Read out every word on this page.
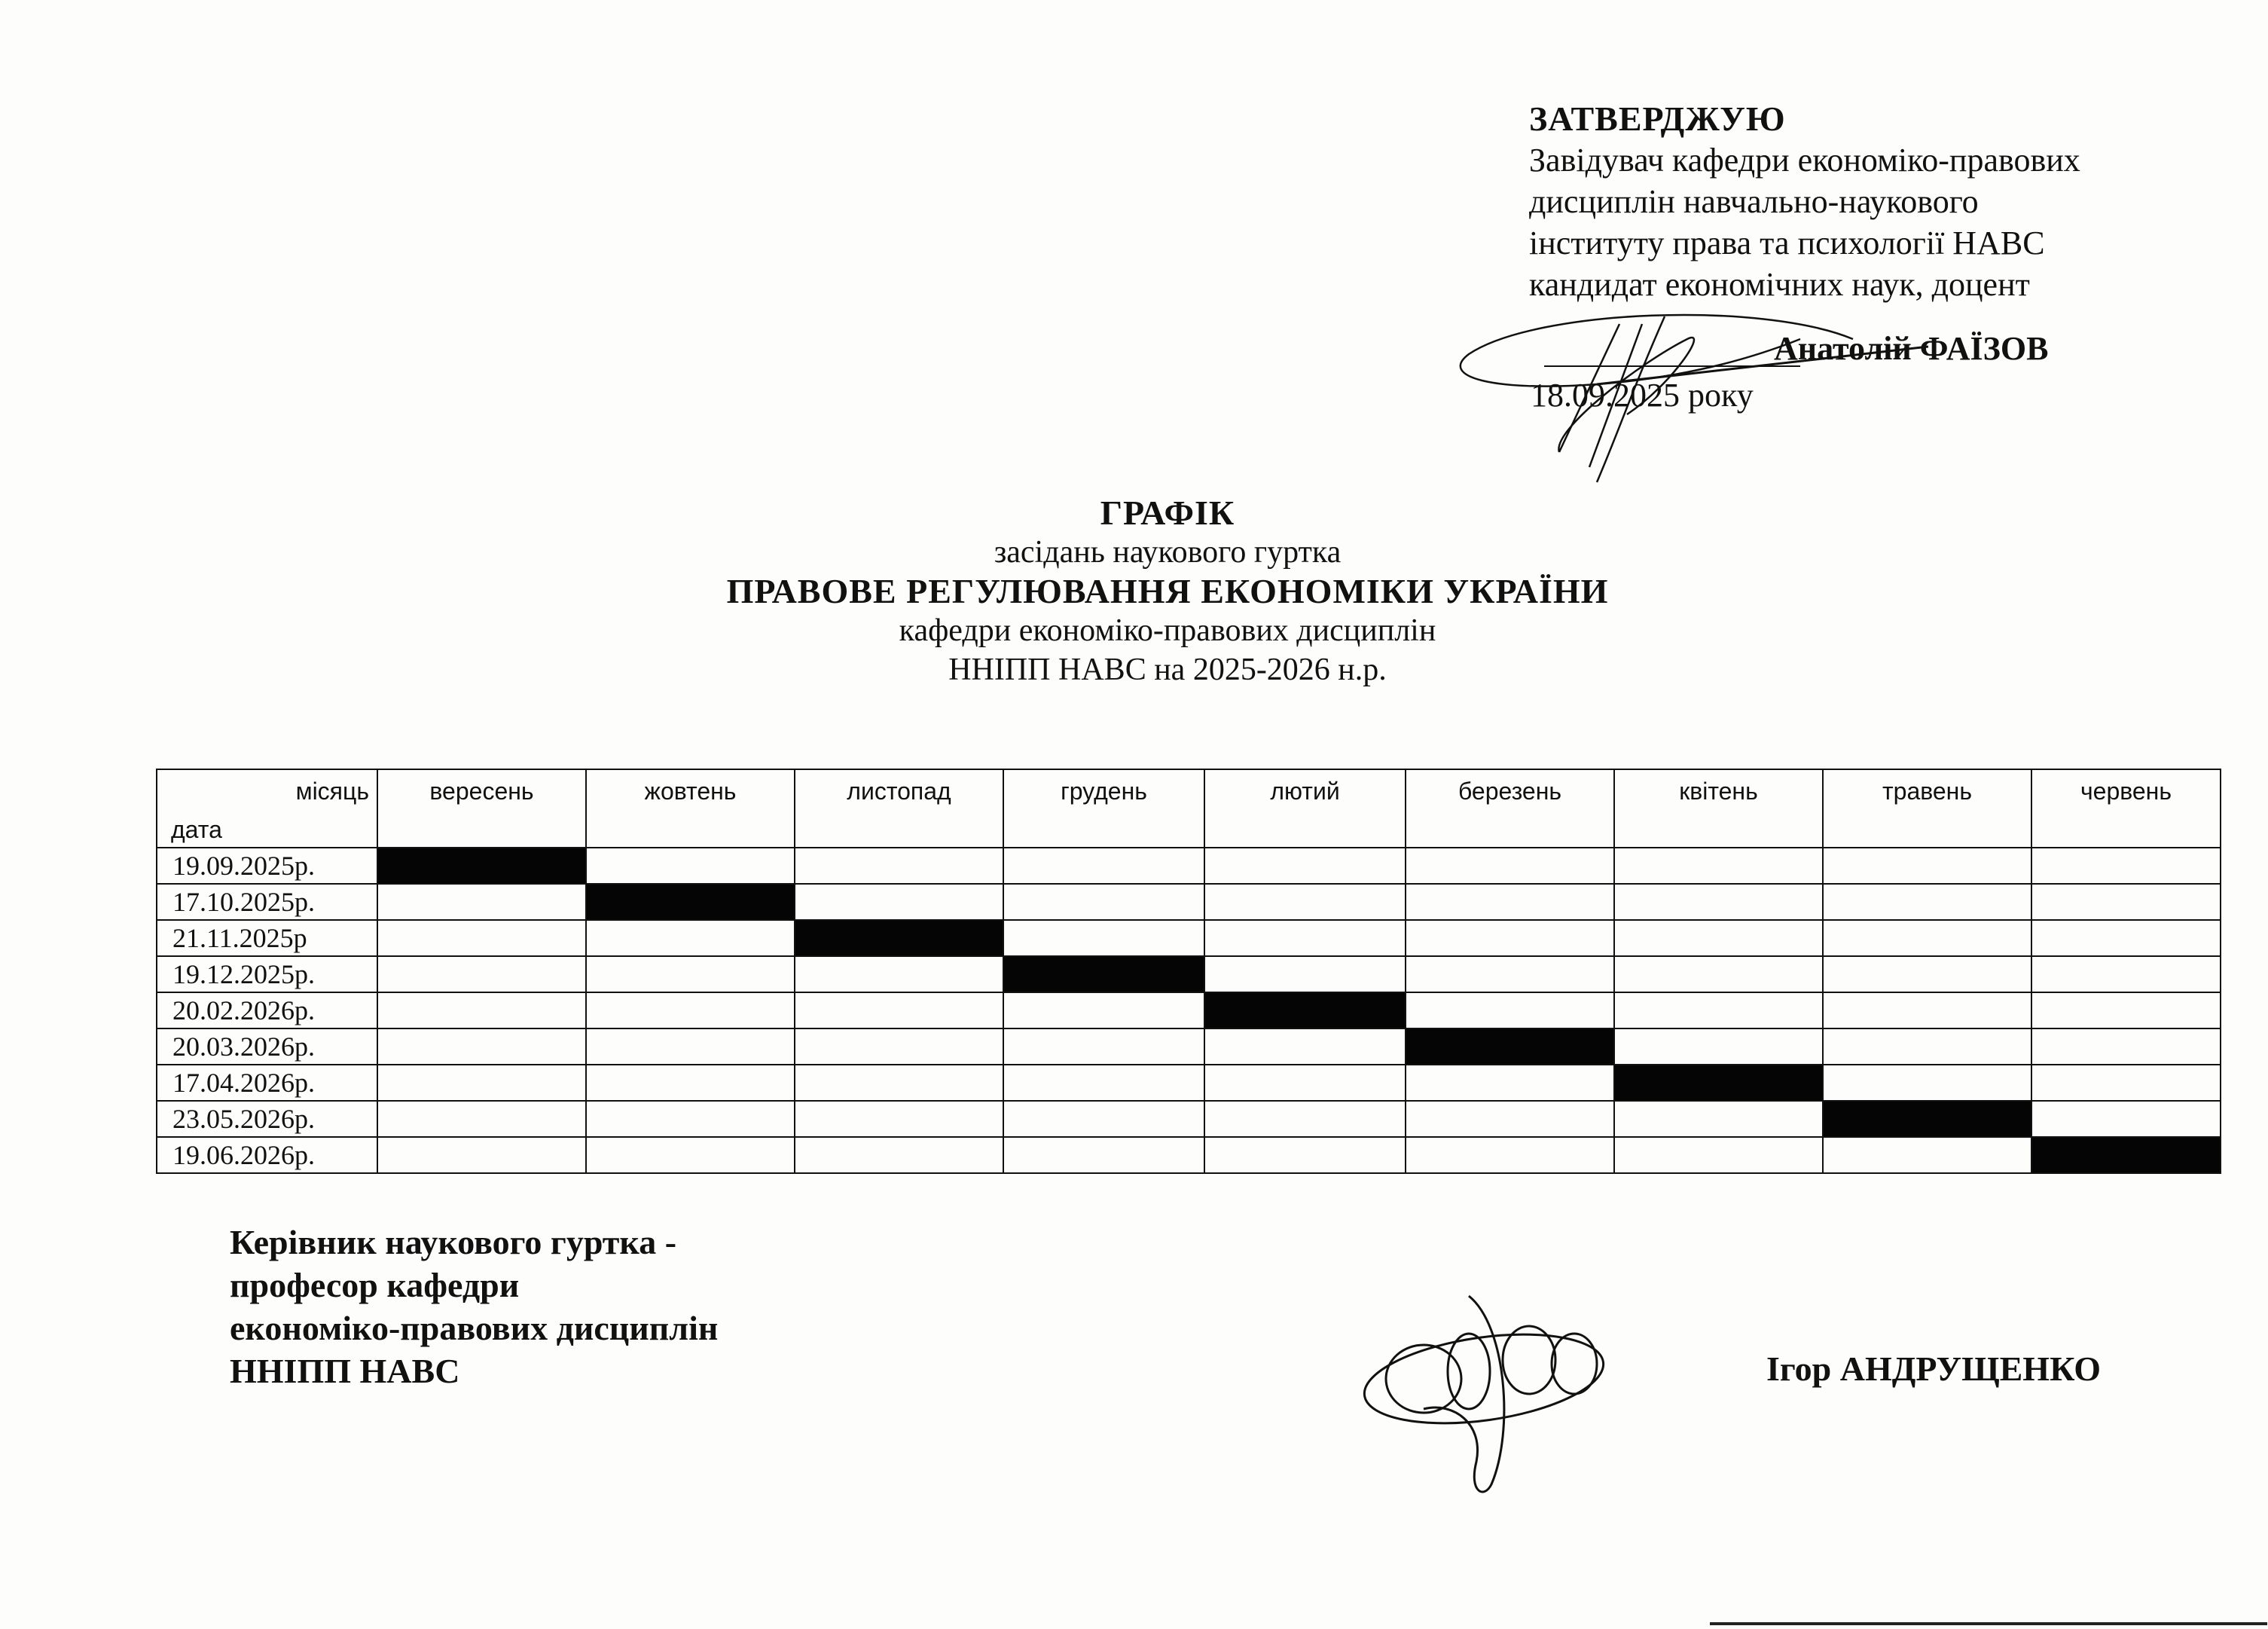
ЗАТВЕРДЖУЮ
Завідувач кафедри економіко-правових
дисциплін навчально-наукового
інституту права та психології НАВС
кандидат економічних наук, доцент
Анатолій ФАЇЗОВ
18.09.2025 року
ГРАФІК
засідань наукового гуртка
ПРАВОВЕ РЕГУЛЮВАННЯ ЕКОНОМІКИ УКРАЇНИ
кафедри економіко-правових дисциплін
ННІПП НАВС на 2025-2026 н.р.
місяць
дата	вересень	жовтень	листопад	грудень	лютий	березень	квітень	травень	червень
19.09.2025р.									
17.10.2025р.									
21.11.2025р									
19.12.2025р.									
20.02.2026р.									
20.03.2026р.									
17.04.2026р.									
23.05.2026р.									
19.06.2026р.									
Керівник наукового гуртка -
професор кафедри
економіко-правових дисциплін
ННІПП НАВС	Ігор АНДРУЩЕНКО
